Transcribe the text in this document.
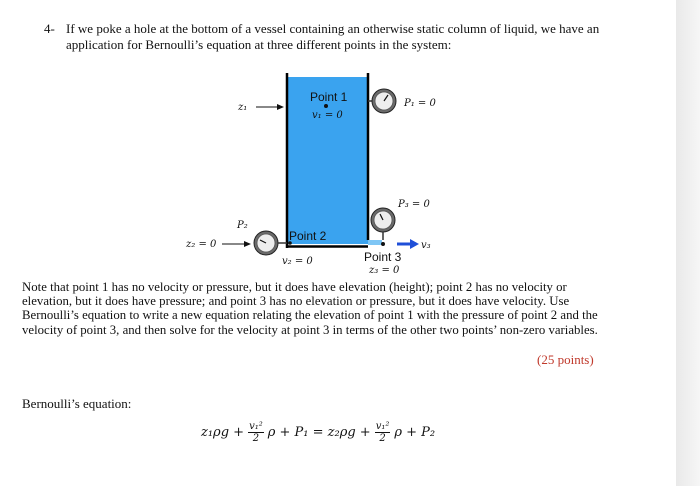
4- If we poke a hole at the bottom of a vessel containing an otherwise static column of liquid, we have an application for Bernoulli’s equation at three different points in the system:
Point 1
v₁ = 0
z₁	P₁ = 0
P₃ = 0
v₃
Point 3
z₃ = 0
P₂
Point 2
v₂ = 0
z₂ = 0
Note that point 1 has no velocity or pressure, but it does have elevation (height); point 2 has no velocity or elevation, but it does have pressure; and point 3 has no elevation or pressure, but it does have velocity. Use Bernoulli’s equation to write a new equation relating the elevation of point 1 with the pressure of point 2 and the velocity of point 3, and then solve for the velocity at point 3 in terms of the other two points’ non-zero variables.
(25 points)
Bernoulli’s equation:
$z_1\rho g + \frac{\text{v₁²}}{2}$ $\rho + P_1 = z_2\rho g + \frac{\text{v₁²}}{2}$ ρ + P₂
